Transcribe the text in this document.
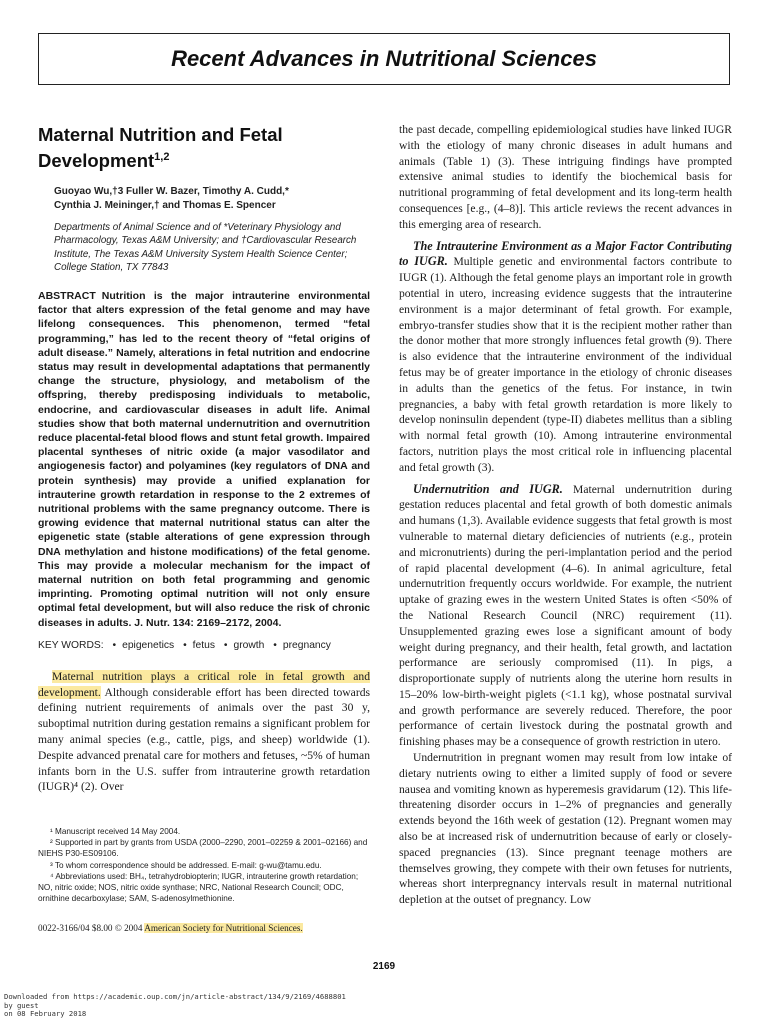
Recent Advances in Nutritional Sciences
Maternal Nutrition and Fetal Development$^{1,2}$
Guoyao Wu,†3 Fuller W. Bazer, Timothy A. Cudd,*
Cynthia J. Meininger,† and Thomas E. Spencer
Departments of Animal Science and of *Veterinary Physiology and Pharmacology, Texas A&M University; and †Cardiovascular Research Institute, The Texas A&M University System Health Science Center; College Station, TX 77843

ABSTRACT Nutrition is the major intrauterine environmental factor that alters expression of the fetal genome and may have lifelong consequences. This phenomenon, termed “fetal programming,” has led to the recent theory of “fetal origins of adult disease.” Namely, alterations in fetal nutrition and endocrine status may result in developmental adaptations that permanently change the structure, physiology, and metabolism of the offspring, thereby predisposing individuals to metabolic, endocrine, and cardiovascular diseases in adult life. Animal studies show that both maternal undernutrition and overnutrition reduce placental-fetal blood flows and stunt fetal growth. Impaired placental syntheses of nitric oxide (a major vasodilator and angiogenesis factor) and polyamines (key regulators of DNA and protein synthesis) may provide a unified explanation for intrauterine growth retardation in response to the 2 extremes of nutritional problems with the same pregnancy outcome. There is growing evidence that maternal nutritional status can alter the epigenetic state (stable alterations of gene expression through DNA methylation and histone modifications) of the fetal genome. This may provide a molecular mechanism for the impact of maternal nutrition on both fetal programming and genomic imprinting. Promoting optimal nutrition will not only ensure optimal fetal development, but will also reduce the risk of chronic diseases in adults. J. Nutr. 134: 2169–2172, 2004.

KEY WORDS: • epigenetics • fetus • growth • pregnancy

Maternal nutrition plays a critical role in fetal growth and development. Although considerable effort has been directed towards defining nutrient requirements of animals over the past 30 y, suboptimal nutrition during gestation remains a significant problem for many animal species (e.g., cattle, pigs, and sheep) worldwide (1). Despite advanced prenatal care for mothers and fetuses, ~5% of human infants born in the U.S. suffer from intrauterine growth retardation (IUGR)⁴ (2). Over

the past decade, compelling epidemiological studies have linked IUGR with the etiology of many chronic diseases in adult humans and animals (Table 1) (3). These intriguing findings have prompted extensive animal studies to identify the biochemical basis for nutritional programming of fetal development and its long-term health consequences [e.g., (4–8)]. This article reviews the recent advances in this emerging area of research.

The Intrauterine Environment as a Major Factor Contributing to IUGR. Multiple genetic and environmental factors contribute to IUGR (1). Although the fetal genome plays an important role in growth potential in utero, increasing evidence suggests that the intrauterine environment is a major determinant of fetal growth. For example, embryo-transfer studies show that it is the recipient mother rather than the donor mother that more strongly influences fetal growth (9). There is also evidence that the intrauterine environment of the individual fetus may be of greater importance in the etiology of chronic diseases in adults than the genetics of the fetus. For instance, in twin pregnancies, a baby with fetal growth retardation is more likely to develop noninsulin dependent (type-II) diabetes mellitus than a sibling with normal fetal growth (10). Among intrauterine environmental factors, nutrition plays the most critical role in influencing placental and fetal growth (3).

Undernutrition and IUGR. Maternal undernutrition during gestation reduces placental and fetal growth of both domestic animals and humans (1,3). Available evidence suggests that fetal growth is most vulnerable to maternal dietary deficiencies of nutrients (e.g., protein and micronutrients) during the peri-implantation period and the period of rapid placental development (4–6). In animal agriculture, fetal undernutrition frequently occurs worldwide. For example, the nutrient uptake of grazing ewes in the western United States is often <50% of the National Research Council (NRC) requirement (11). Unsupplemented grazing ewes lose a significant amount of body weight during pregnancy, and their health, fetal growth, and lactation performance are seriously compromised (11). In pigs, a disproportionate supply of nutrients along the uterine horn results in 15–20% low-birth-weight piglets (<1.1 kg), whose postnatal survival and growth performance are severely reduced. Therefore, the poor performance of certain livestock during the postnatal growth and finishing phases may be a consequence of growth restriction in utero.

Undernutrition in pregnant women may result from low intake of dietary nutrients owing to either a limited supply of food or severe nausea and vomiting known as hyperemesis gravidarum (12). This life-threatening disorder occurs in 1–2% of pregnancies and generally extends beyond the 16th week of gestation (12). Pregnant women may also be at increased risk of undernutrition because of early or closely-spaced pregnancies (13). Since pregnant teenage mothers are themselves growing, they compete with their own fetuses for nutrients, whereas short interpregnancy intervals result in maternal nutritional depletion at the outset of pregnancy. Low

¹ Manuscript received 14 May 2004.
² Supported in part by grants from USDA (2000–2290, 2001–02259 & 2001–02166) and NIEHS P30-ES09106.
³ To whom correspondence should be addressed. E-mail: g-wu@tamu.edu.
⁴ Abbreviations used: BH₄, tetrahydrobiopterin; IUGR, intrauterine growth retardation; NO, nitric oxide; NOS, nitric oxide synthase; NRC, National Research Council; ODC, ornithine decarboxylase; SAM, S-adenosylmethionine.
0022-3166/04 $8.00 © 2004 American Society for Nutritional Sciences.
2169
Downloaded from https://academic.oup.com/jn/article-abstract/134/9/2169/4688801
by guest
on 08 February 2018
